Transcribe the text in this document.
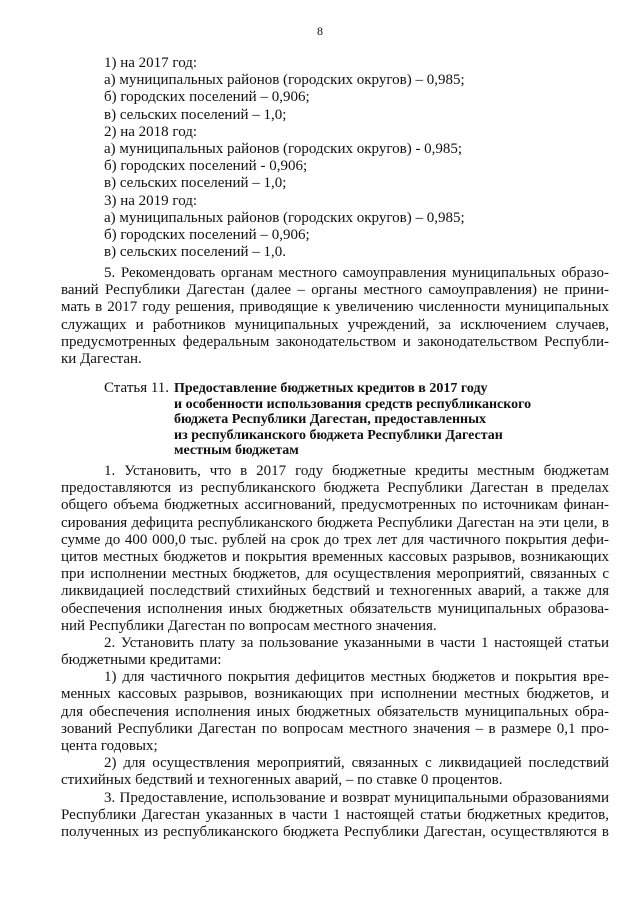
8
1) на 2017 год:
а) муниципальных районов (городских округов) – 0,985;
б) городских поселений – 0,906;
в) сельских поселений – 1,0;
2) на 2018 год:
а) муниципальных районов (городских округов) - 0,985;
б) городских поселений - 0,906;
в) сельских поселений – 1,0;
3) на 2019 год:
а) муниципальных районов (городских округов) – 0,985;
б) городских поселений – 0,906;
в) сельских поселений – 1,0.
5. Рекомендовать органам местного самоуправления муниципальных образо-
ваний Республики Дагестан (далее – органы местного самоуправления) не прини-
мать в 2017 году решения, приводящие к увеличению численности муниципальных
служащих и работников муниципальных учреждений, за исключением случаев,
предусмотренных федеральным законодательством и законодательством Республи-
ки Дагестан.
Статья 11. Предоставление бюджетных кредитов в 2017 году
и особенности использования средств республиканского
бюджета Республики Дагестан, предоставленных
из республиканского бюджета Республики Дагестан
местным бюджетам
1. Установить, что в 2017 году бюджетные кредиты местным бюджетам
предоставляются из республиканского бюджета Республики Дагестан в пределах
общего объема бюджетных ассигнований, предусмотренных по источникам финан-
сирования дефицита республиканского бюджета Республики Дагестан на эти цели, в
сумме до 400 000,0 тыс. рублей на срок до трех лет для частичного покрытия дефи-
цитов местных бюджетов и покрытия временных кассовых разрывов, возникающих
при исполнении местных бюджетов, для осуществления мероприятий, связанных с
ликвидацией последствий стихийных бедствий и техногенных аварий, а также для
обеспечения исполнения иных бюджетных обязательств муниципальных образова-
ний Республики Дагестан по вопросам местного значения.
2. Установить плату за пользование указанными в части 1 настоящей статьи
бюджетными кредитами:
1) для частичного покрытия дефицитов местных бюджетов и покрытия вре-
менных кассовых разрывов, возникающих при исполнении местных бюджетов, и
для обеспечения исполнения иных бюджетных обязательств муниципальных обра-
зований Республики Дагестан по вопросам местного значения – в размере 0,1 про-
цента годовых;
2) для осуществления мероприятий, связанных с ликвидацией последствий
стихийных бедствий и техногенных аварий, – по ставке 0 процентов.
3. Предоставление, использование и возврат муниципальными образованиями
Республики Дагестан указанных в части 1 настоящей статьи бюджетных кредитов,
полученных из республиканского бюджета Республики Дагестан, осуществляются в
